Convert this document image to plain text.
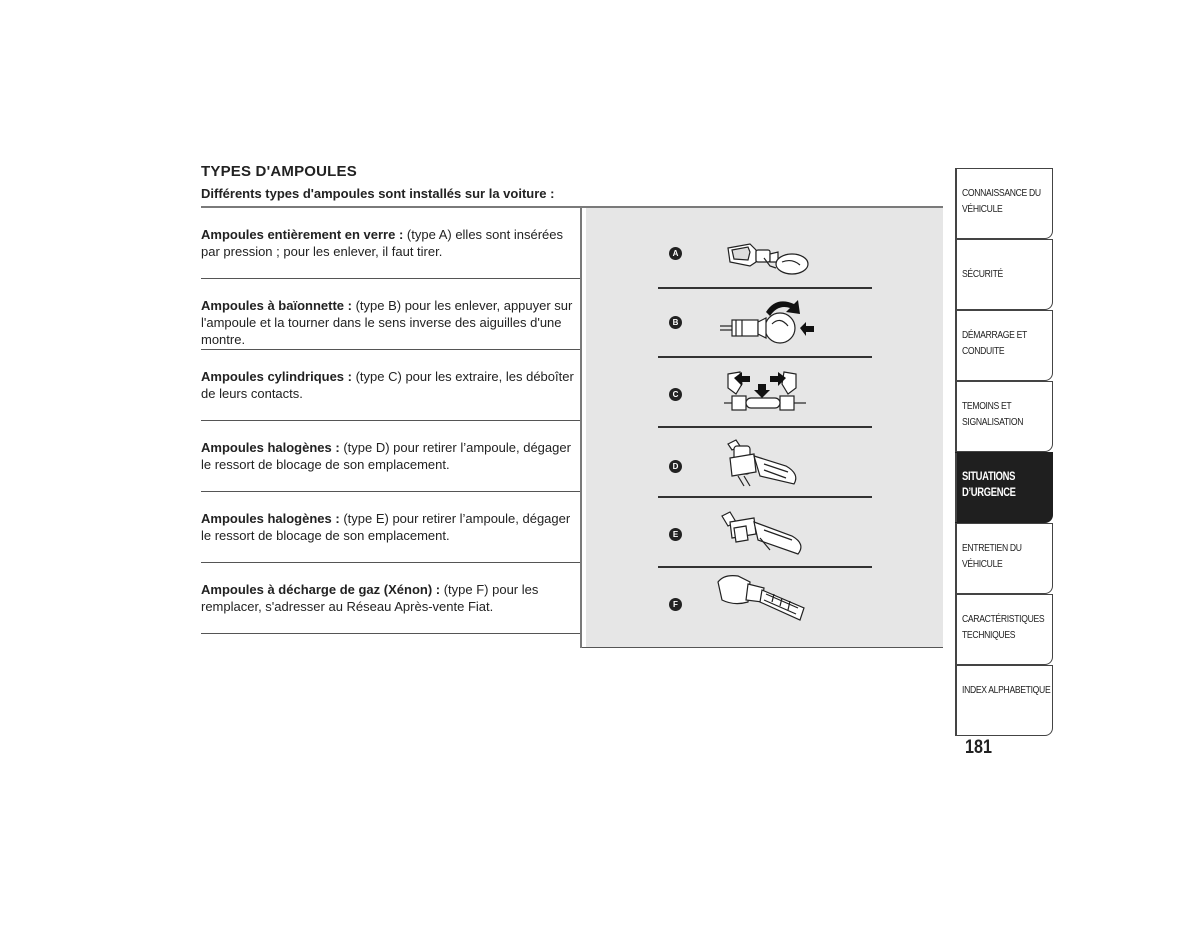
TYPES D'AMPOULES
Différents types d'ampoules sont installés sur la voiture :
Ampoules entièrement en verre : (type A) elles sont insérées par pression ; pour les enlever, il faut tirer.
Ampoules à baïonnette : (type B) pour les enlever, appuyer sur l'ampoule et la tourner dans le sens inverse des aiguilles d'une montre.
Ampoules cylindriques : (type C) pour les extraire, les déboîter de leurs contacts.
Ampoules halogènes : (type D) pour retirer l’ampoule, dégager le ressort de blocage de son emplacement.
Ampoules halogènes : (type E) pour retirer l’ampoule, dégager le ressort de blocage de son emplacement.
Ampoules à décharge de gaz (Xénon) : (type F) pour les remplacer, s'adresser au Réseau Après-vente Fiat.
A
B
C
D
E
F
CONNAISSANCE DU VÉHICULE
SÉCURITÉ
DÉMARRAGE ET CONDUITE
TEMOINS ET SIGNALISATION
SITUATIONS D’URGENCE
ENTRETIEN DU VÉHICULE
CARACTÉRISTIQUES TECHNIQUES
INDEX ALPHABETIQUE
181
